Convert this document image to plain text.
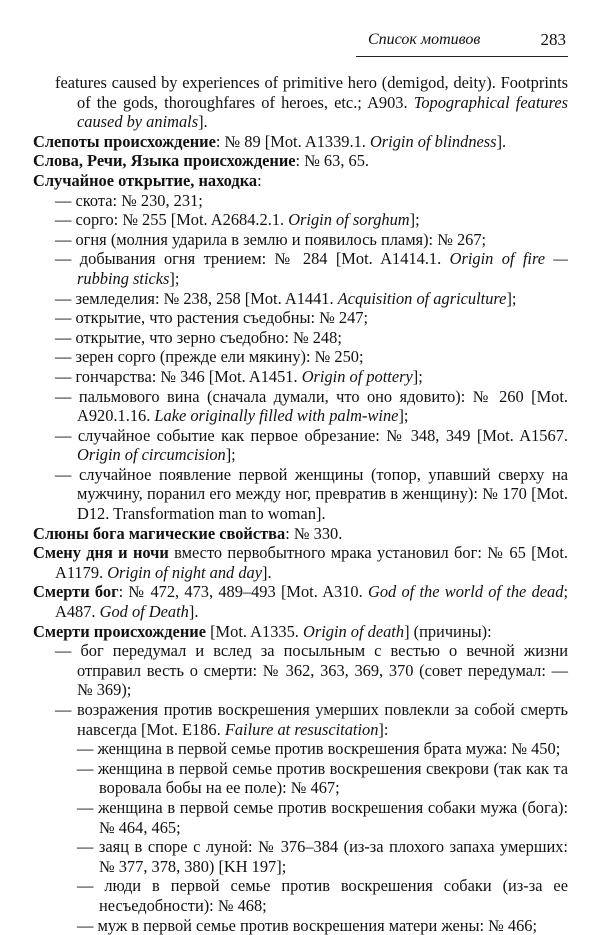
Список мотивов	283

features caused by experiences of primitive hero (demigod, deity). Footprints of the gods, thoroughfares of heroes, etc.; A903. Topographical features caused by animals].

Слепоты происхождение: № 89 [Mot. A1339.1. Origin of blindness].

Слова, Речи, Языка происхождение: № 63, 65.

Случайное открытие, находка:

— скота: № 230, 231;

— сорго: № 255 [Mot. A2684.2.1. Origin of sorghum];

— огня (молния ударила в землю и появилось пламя): № 267;

— добывания огня трением: № 284 [Mot. A1414.1. Origin of fire — rubbing sticks];

— земледелия: № 238, 258 [Mot. A1441. Acquisition of agriculture];

— открытие, что растения съедобны: № 247;

— открытие, что зерно съедобно: № 248;

— зерен сорго (прежде ели мякину): № 250;

— гончарства: № 346 [Mot. A1451. Origin of pottery];

— пальмового вина (сначала думали, что оно ядовито): № 260 [Mot. A920.1.16. Lake originally filled with palm-wine];

— случайное событие как первое обрезание: № 348, 349 [Mot. A1567. Origin of circumcision];

— случайное появление первой женщины (топор, упавший сверху на мужчину, поранил его между ног, превратив в женщину): № 170 [Mot. D12. Transformation man to woman].

Слюны бога магические свойства: № 330.

Смену дня и ночи вместо первобытного мрака установил бог: № 65 [Mot. A1179. Origin of night and day].

Смерти бог: № 472, 473, 489–493 [Mot. A310. God of the world of the dead; A487. God of Death].

Смерти происхождение [Mot. A1335. Origin of death] (причины):

— бог передумал и вслед за посыльным с вестью о вечной жизни отправил весть о смерти: № 362, 363, 369, 370 (совет передумал: — № 369);

— возражения против воскрешения умерших повлекли за собой смерть навсегда [Mot. E186. Failure at resuscitation]:

— женщина в первой семье против воскрешения брата мужа: № 450;

— женщина в первой семье против воскрешения свекрови (так как та воровала бобы на ее поле): № 467;

— женщина в первой семье против воскрешения собаки мужа (бога): № 464, 465;

— заяц в споре с луной: № 376–384 (из-за плохого запаха умерших: № 377, 378, 380) [KH 197];

— люди в первой семье против воскрешения собаки (из-за ее несъедобности): № 468;

— муж в первой семье против воскрешения матери жены: № 466;
